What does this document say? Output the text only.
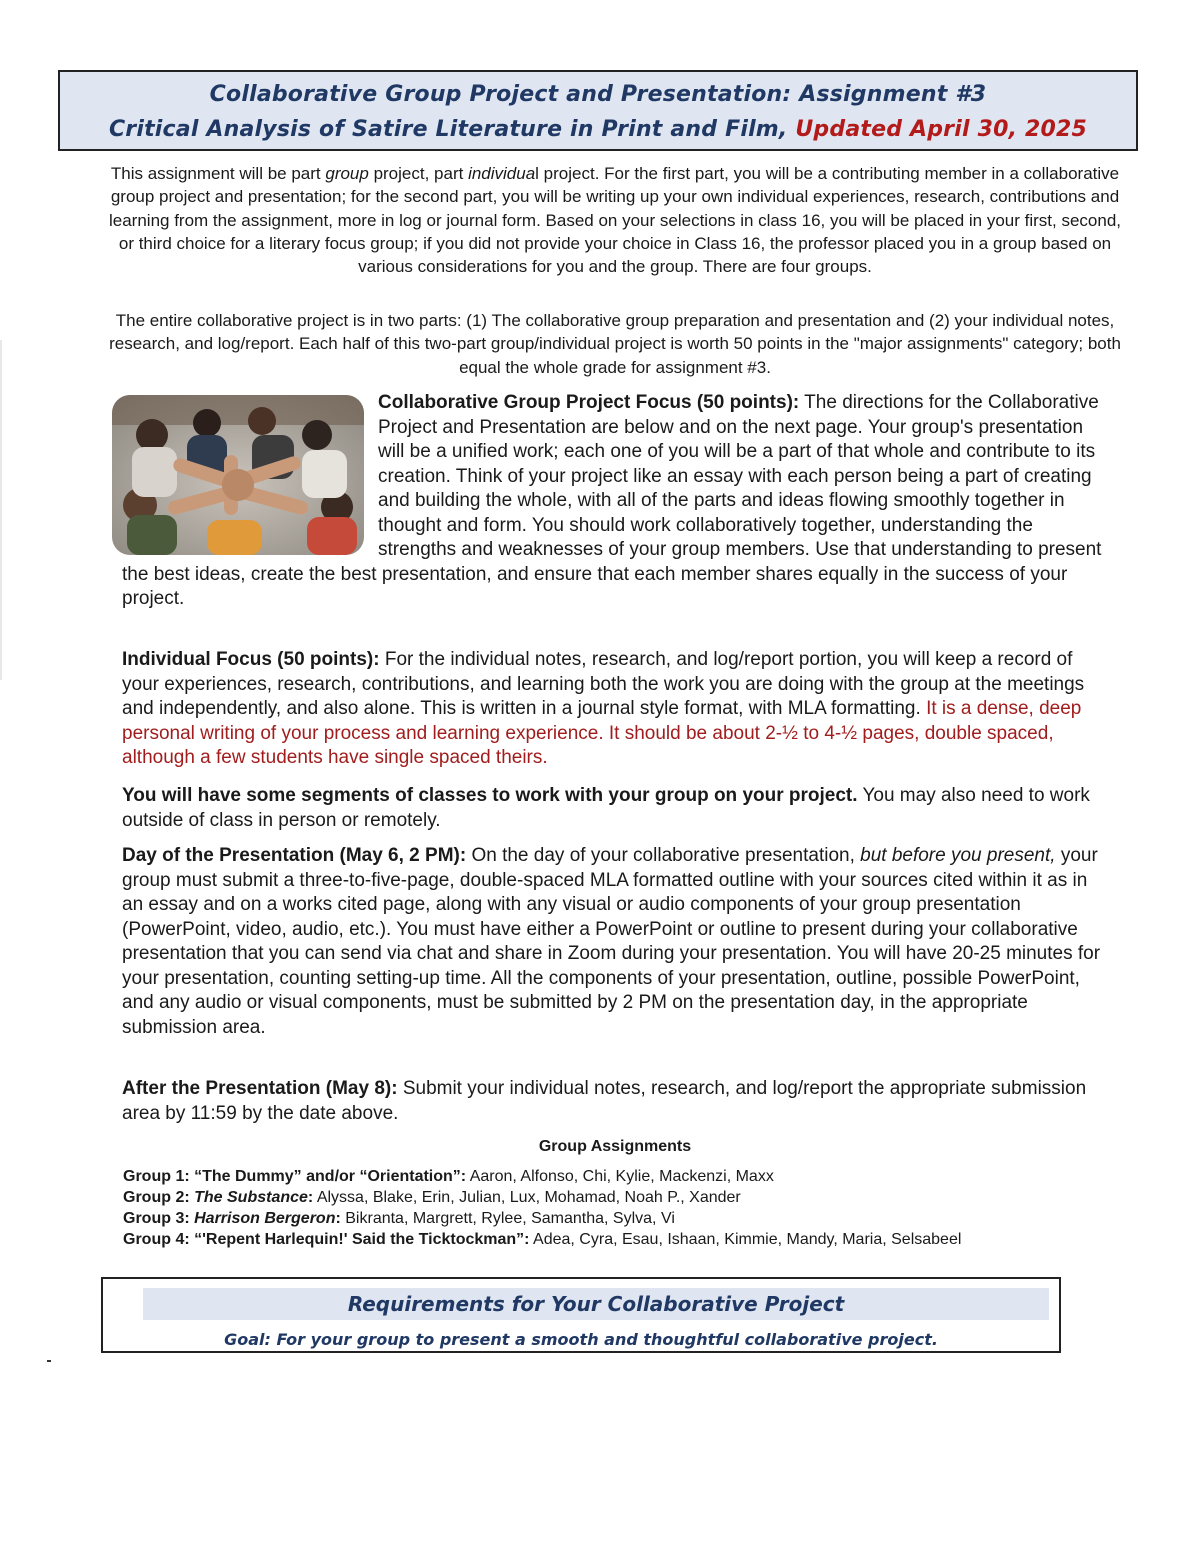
Collaborative Group Project and Presentation: Assignment #3
Critical Analysis of Satire Literature in Print and Film, Updated April 30, 2025
This assignment will be part group project, part individual project. For the first part, you will be a contributing member in a collaborative group project and presentation; for the second part, you will be writing up your own individual experiences, research, contributions and learning from the assignment, more in log or journal form. Based on your selections in class 16, you will be placed in your first, second, or third choice for a literary focus group; if you did not provide your choice in Class 16, the professor placed you in a group based on various considerations for you and the group. There are four groups.
The entire collaborative project is in two parts: (1) The collaborative group preparation and presentation and (2) your individual notes, research, and log/report. Each half of this two-part group/individual project is worth 50 points in the "major assignments" category; both equal the whole grade for assignment #3.
Collaborative Group Project Focus (50 points): The directions for the Collaborative Project and Presentation are below and on the next page. Your group's presentation will be a unified work; each one of you will be a part of that whole and contribute to its creation. Think of your project like an essay with each person being a part of creating and building the whole, with all of the parts and ideas flowing smoothly together in thought and form. You should work collaboratively together, understanding the strengths and weaknesses of your group members. Use that understanding to present the best ideas, create the best presentation, and ensure that each member shares equally in the success of your project.
Individual Focus (50 points): For the individual notes, research, and log/report portion, you will keep a record of your experiences, research, contributions, and learning both the work you are doing with the group at the meetings and independently, and also alone. This is written in a journal style format, with MLA formatting. It is a dense, deep personal writing of your process and learning experience. It should be about 2-½ to 4-½ pages, double spaced, although a few students have single spaced theirs.
You will have some segments of classes to work with your group on your project. You may also need to work outside of class in person or remotely.
Day of the Presentation (May 6, 2 PM): On the day of your collaborative presentation, but before you present, your group must submit a three-to-five-page, double-spaced MLA formatted outline with your sources cited within it as in an essay and on a works cited page, along with any visual or audio components of your group presentation (PowerPoint, video, audio, etc.). You must have either a PowerPoint or outline to present during your collaborative presentation that you can send via chat and share in Zoom during your presentation. You will have 20-25 minutes for your presentation, counting setting-up time. All the components of your presentation, outline, possible PowerPoint, and any audio or visual components, must be submitted by 2 PM on the presentation day, in the appropriate submission area.
After the Presentation (May 8): Submit your individual notes, research, and log/report the appropriate submission area by 11:59 by the date above.
Group Assignments
Group 1: “The Dummy” and/or “Orientation”: Aaron, Alfonso, Chi, Kylie, Mackenzi, Maxx
Group 2: The Substance: Alyssa, Blake, Erin, Julian, Lux, Mohamad, Noah P., Xander
Group 3: Harrison Bergeron: Bikranta, Margrett, Rylee, Samantha, Sylva, Vi
Group 4: “'Repent Harlequin!' Said the Ticktockman”: Adea, Cyra, Esau, Ishaan, Kimmie, Mandy, Maria, Selsabeel
Requirements for Your Collaborative Project
Goal: For your group to present a smooth and thoughtful collaborative project.
